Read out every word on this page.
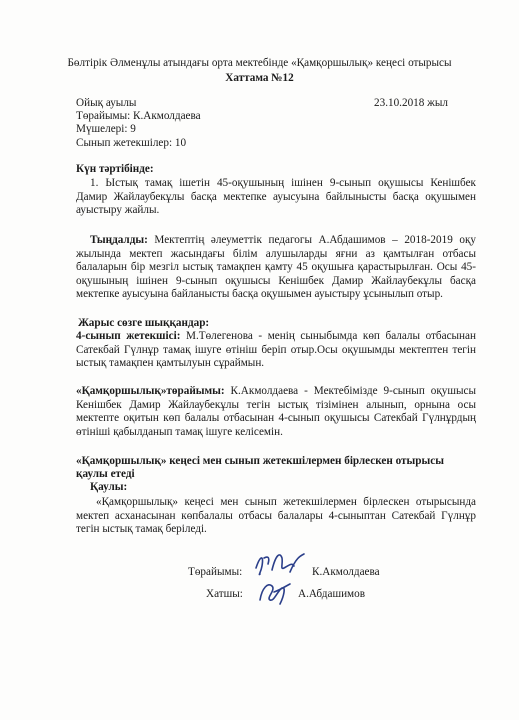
Бөлтірік Әлменұлы атындағы орта мектебінде «Қамқоршылық» кеңесі отырысы
Хаттама №12
Ойық ауылы	23.10.2018 жыл
Төрайымы: К.Акмолдаева
Мүшелері: 9
Сынып жетекшілер: 10
Күн тәртібінде:
1. Ыстық тамақ ішетін 45-оқушының ішінен 9-сынып оқушысы Кенішбек Дамир Жайлаубекұлы басқа мектепке ауысуына байлынысты басқа оқушымен ауыстыру жайлы.
Тыңдалды: Мектептің әлеуметтік педагогы А.Абдашимов – 2018-2019 оқу жылында мектеп жасындағы білім алушыларды яғни аз қамтылған отбасы балаларын бір мезгіл ыстық тамақпен қамту 45 оқушыға қарастырылған. Осы 45-оқушының ішінен 9-сынып оқушысы Кенішбек Дамир Жайлаубекұлы басқа мектепке ауысуына байланысты басқа оқушымен ауыстыру ұсынылып отыр.
Жарыс сөзге шыққандар:
4-сынып жетекшісі: М.Төлегенова - менің сыныбымда көп балалы отбасынан Сатекбай Гүлнұр тамақ ішуге өтініш беріп отыр.Осы оқушымды мектептен тегін ыстық тамақпен қамтылуын сұраймын.
«Қамқоршылық»төрайымы: К.Акмолдаева - Мектебімізде 9-сынып оқушысы Кенішбек Дамир Жайлаубекұлы тегін ыстық тізімінен алынып, орнына осы мектепте оқитын көп балалы отбасынан 4-сынып оқушысы Сатекбай Гүлнұрдың өтініші қабылданып тамақ ішуге келісемін.
«Қамқоршылық» кеңесі мен сынып жетекшілермен бірлескен отырысы
қаулы етеді
Қаулы:
«Қамқоршылық» кеңесі мен сынып жетекшілермен бірлескен отырысында мектеп асханасынан көпбалалы отбасы балалары 4-сыныптан Сатекбай Гүлнұр тегін ыстық тамақ беріледі.
Төрайымы:	К.Акмолдаева
Хатшы:	А.Абдашимов
